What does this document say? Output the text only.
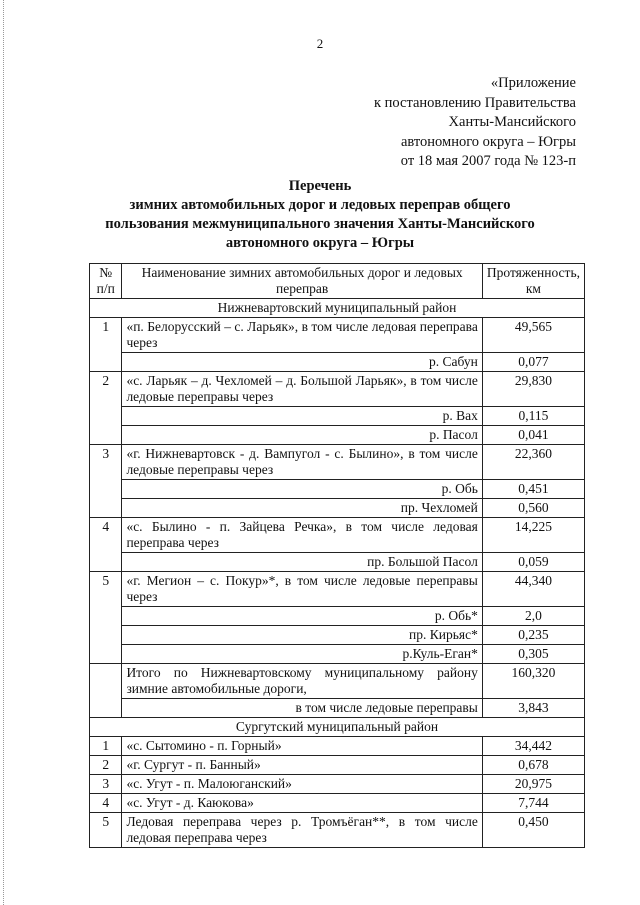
2
«Приложение
к постановлению Правительства
Ханты-Мансийского
автономного округа – Югры
от 18 мая 2007 года № 123-п
Перечень
зимних автомобильных дорог и ледовых переправ общего
пользования межмуниципального значения Ханты-Мансийского
автономного округа – Югры
№ п/п	Наименование зимних автомобильных дорог и ледовых переправ	Протяженность, км
Нижневартовский муниципальный район		
1	«п. Белорусский – с. Ларьяк», в том числе ледовая переправа через	49,565
	р. Сабун	0,077
2	«с. Ларьяк – д. Чехломей – д. Большой Ларьяк», в том числе ледовые переправы через	29,830
	р. Вах	0,115
	р. Пасол	0,041
3	«г. Нижневартовск - д. Вампугол - с. Былино», в том числе ледовые переправы через	22,360
	р. Обь	0,451
	пр. Чехломей	0,560
4	«с. Былино - п. Зайцева Речка», в том числе ледовая переправа через	14,225
	пр. Большой Пасол	0,059
5	«г. Мегион – с. Покур»*, в том числе ледовые переправы через	44,340
	р. Обь*	2,0
	пр. Кирьяс*	0,235
	р.Куль-Еган*	0,305
	Итого по Нижневартовскому муниципальному району зимние автомобильные дороги,	160,320
	в том числе ледовые переправы	3,843
Сургутский муниципальный район		
1	«с. Сытомино - п. Горный»	34,442
2	«г. Сургут - п. Банный»	0,678
3	«с. Угут - п. Малоюганский»	20,975
4	«с. Угут - д. Каюкова»	7,744
5	Ледовая переправа через р. Тромъёган**, в том числе ледовая переправа через	0,450
